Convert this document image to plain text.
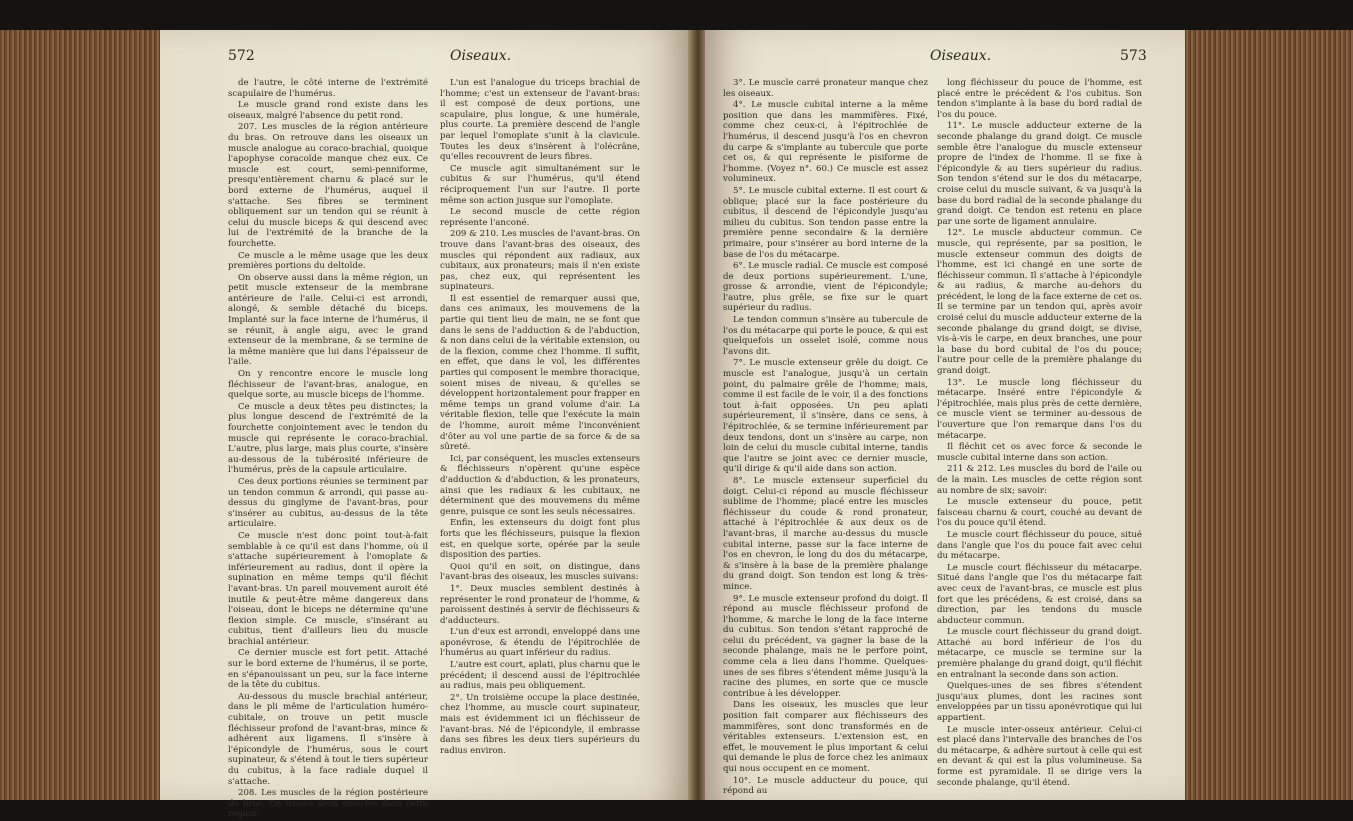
572	Oiseaux.

de l'autre, le côté interne de l'extrémité scapulaire de l'humérus.

Le muscle grand rond existe dans les oiseaux, malgré l'absence du petit rond.

207. Les muscles de la région antérieure du bras. On retrouve dans les oiseaux un muscle analogue au coraco-brachial, quoique l'apophyse coracoïde manque chez eux. Ce muscle est court, semi-penniforme, presqu'entièrement charnu & placé sur le bord externe de l'humérus, auquel il s'attache. Ses fibres se terminent obliquement sur un tendon qui se réunit à celui du muscle biceps & qui descend avec lui de l'extrémité de la branche de la fourchette.

Ce muscle a le même usage que les deux premières portions du deltoïde.

On observe aussi dans la même région, un petit muscle extenseur de la membrane antérieure de l'aile. Celui-ci est arrondi, alongé, & semble détaché du biceps. Implanté sur la face interne de l'humérus, il se réunit, à angle aigu, avec le grand extenseur de la membrane, & se termine de la même manière que lui dans l'épaisseur de l'aile.

On y rencontre encore le muscle long fléchisseur de l'avant-bras, analogue, en quelque sorte, au muscle biceps de l'homme.

Ce muscle a deux têtes peu distinctes; la plus longue descend de l'extrémité de la fourchette conjointement avec le tendon du muscle qui représente le coraco-brachial. L'autre, plus large, mais plus courte, s'insère au-dessous de la tubérosité inférieure de l'humérus, près de la capsule articulaire.

Ces deux portions réunies se terminent par un tendon commun & arrondi, qui passe au-dessus du ginglyme de l'avant-bras, pour s'insérer au cubitus, au-dessus de la tête articulaire.

Ce muscle n'est donc point tout-à-fait semblable à ce qu'il est dans l'homme, où il s'attache supérieurement à l'omoplate & inférieurement au radius, dont il opère la supination en même temps qu'il fléchit l'avant-bras. Un pareil mouvement auroit été inutile & peut-être même dangereux dans l'oiseau, dont le biceps ne détermine qu'une flexion simple. Ce muscle, s'insérant au cubitus, tient d'ailleurs lieu du muscle brachial antérieur.

Ce dernier muscle est fort petit. Attaché sur le bord externe de l'humérus, il se porte, en s'épanouissant un peu, sur la face interne de la tête du cubitus.

Au-dessous du muscle brachial antérieur, dans le pli même de l'articulation huméro-cubitale, on trouve un petit muscle fléchisseur profond de l'avant-bras, mince & adhérent aux ligamens. Il s'insère à l'épicondyle de l'humérus, sous le court supinateur, & s'étend à tout le tiers supérieur du cubitus, à la face radiale duquel il s'attache.

208. Les muscles de la région postérieure du bras. On trouve deux muscles dans cette région.

L'un est l'analogue du triceps brachial de l'homme; c'est un extenseur de l'avant-bras: il est composé de deux portions, une scapulaire, plus longue, & une humérale, plus courte. La première descend de l'angle par lequel l'omoplate s'unit à la clavicule. Toutes les deux s'insèrent à l'olécrâne, qu'elles recouvrent de leurs fibres.

Ce muscle agit simultanément sur le cubitus & sur l'humérus, qu'il étend réciproquement l'un sur l'autre. Il porte même son action jusque sur l'omoplate.

Le second muscle de cette région représente l'anconé.

209 & 210. Les muscles de l'avant-bras. On trouve dans l'avant-bras des oiseaux, des muscles qui répondent aux radiaux, aux cubitaux, aux pronateurs; mais il n'en existe pas, chez eux, qui représentent les supinateurs.

Il est essentiel de remarquer aussi que, dans ces animaux, les mouvemens de la partie qui tient lieu de main, ne se font que dans le sens de l'adduction & de l'abduction, & non dans celui de la véritable extension, ou de la flexion, comme chez l'homme. Il suffit, en effet, que dans le vol, les différentes parties qui composent le membre thoracique, soient mises de niveau, & qu'elles se développent horizontalement pour frapper en même temps un grand volume d'air. La véritable flexion, telle que l'exécute la main de l'homme, auroit même l'inconvénient d'ôter au vol une partie de sa force & de sa sûreté.

Ici, par conséquent, les muscles extenseurs & fléchisseurs n'opèrent qu'une espèce d'adduction & d'abduction, & les pronateurs, ainsi que les radiaux & les cubitaux, ne déterminent que des mouvemens du même genre, puisque ce sont les seuls nécessaires.

Enfin, les extenseurs du doigt font plus forts que les fléchisseurs, puisque la flexion est, en quelque sorte, opérée par la seule disposition des parties.

Quoi qu'il en soit, on distingue, dans l'avant-bras des oiseaux, les muscles suivans:

1°. Deux muscles semblent destinés à représenter le rond pronateur de l'homme, & paroissent destinés à servir de fléchisseurs & d'adducteurs.

L'un d'eux est arrondi, enveloppé dans une aponévrose, & étendu de l'épitrochlée de l'humérus au quart inférieur du radius.

L'autre est court, aplati, plus charnu que le précédent; il descend aussi de l'épitrochlée au radius, mais peu obliquement.

2°. Un troisième occupe la place destinée, chez l'homme, au muscle court supinateur, mais est évidemment ici un fléchisseur de l'avant-bras. Né de l'épicondyle, il embrasse dans ses fibres les deux tiers supérieurs du radius environ.

Oiseaux.	573

3°. Le muscle carré pronateur manque chez les oiseaux.

4°. Le muscle cubital interne a la même position que dans les mammifères. Fixé, comme chez ceux-ci, à l'épitrochlée de l'humérus, il descend jusqu'à l'os en chevron du carpe & s'implante au tubercule que porte cet os, & qui représente le pisiforme de l'homme. (Voyez n°. 60.) Ce muscle est assez volumineux.

5°. Le muscle cubital externe. Il est court & oblique; placé sur la face postérieure du cubitus, il descend de l'épicondyle jusqu'au milieu du cubitus. Son tendon passe entre la première penne secondaire & la dernière primaire, pour s'insérer au bord interne de la base de l'os du métacarpe.

6°. Le muscle radial. Ce muscle est composé de deux portions supérieurement. L'une, grosse & arrondie, vient de l'épicondyle; l'autre, plus grêle, se fixe sur le quart supérieur du radius.

Le tendon commun s'insère au tubercule de l'os du métacarpe qui porte le pouce, & qui est quelquefois un osselet isolé, comme nous l'avons dit.

7°. Le muscle extenseur grêle du doigt. Ce muscle est l'analogue, jusqu'à un certain point, du palmaire grêle de l'homme; mais, comme il est facile de le voir, il a des fonctions tout à-fait opposées. Un peu aplati supérieurement, il s'insère, dans ce sens, à l'épitrochlée, & se termine inférieurement par deux tendons, dont un s'insère au carpe, non loin de celui du muscle cubital interne, tandis que l'autre se joint avec ce dernier muscle, qu'il dirige & qu'il aide dans son action.

8°. Le muscle extenseur superficiel du doigt. Celui-ci répond au muscle fléchisseur sublime de l'homme; placé entre les muscles fléchisseur du coude & rond pronateur, attaché à l'épitrochlée & aux deux os de l'avant-bras, il marche au-dessus du muscle cubital interne, passe sur la face interne de l'os en chevron, le long du dos du métacarpe, & s'insère à la base de la première phalange du grand doigt. Son tendon est long & très-mince.

9°. Le muscle extenseur profond du doigt. Il répond au muscle fléchisseur profond de l'homme, & marche le long de la face interne du cubitus. Son tendon s'étant rapproché de celui du précédent, va gagner la base de la seconde phalange, mais ne le perfore point, comme cela a lieu dans l'homme. Quelques-unes de ses fibres s'étendent même jusqu'à la racine des plumes, en sorte que ce muscle contribue à les développer.

Dans les oiseaux, les muscles que leur position fait comparer aux fléchisseurs des mammifères, sont donc transformés en de véritables extenseurs. L'extension est, en effet, le mouvement le plus important & celui qui demande le plus de force chez les animaux qui nous occupent en ce moment.

10°. Le muscle adducteur du pouce, qui répond au

long fléchisseur du pouce de l'homme, est placé entre le précédent & l'os cubitus. Son tendon s'implante à la base du bord radial de l'os du pouce.

11°. Le muscle adducteur externe de la seconde phalange du grand doigt. Ce muscle semble être l'analogue du muscle extenseur propre de l'index de l'homme. Il se fixe à l'épicondyle & au tiers supérieur du radius. Son tendon s'étend sur le dos du métacarpe, croise celui du muscle suivant, & va jusqu'à la base du bord radial de la seconde phalange du grand doigt. Ce tendon est retenu en place par une sorte de ligament annulaire.

12°. Le muscle abducteur commun. Ce muscle, qui représente, par sa position, le muscle extenseur commun des doigts de l'homme, est ici changé en une sorte de fléchisseur commun. Il s'attache à l'épicondyle & au radius, & marche au-dehors du précédent, le long de la face externe de cet os. Il se termine par un tendon qui, après avoir croisé celui du muscle adducteur externe de la seconde phalange du grand doigt, se divise, vis-à-vis le carpe, en deux branches, une pour la base du bord cubital de l'os du pouce; l'autre pour celle de la première phalange du grand doigt.

13°. Le muscle long fléchisseur du métacarpe. Inséré entre l'épicondyle & l'épitrochlée, mais plus près de cette dernière, ce muscle vient se terminer au-dessous de l'ouverture que l'on remarque dans l'os du métacarpe.

Il fléchit cet os avec force & seconde le muscle cubital interne dans son action.

211 & 212. Les muscles du bord de l'aile ou de la main. Les muscles de cette région sont au nombre de six; savoir:

Le muscle extenseur du pouce, petit faisceau charnu & court, couché au devant de l'os du pouce qu'il étend.

Le muscle court fléchisseur du pouce, situé dans l'angle que l'os du pouce fait avec celui du métacarpe.

Le muscle court fléchisseur du métacarpe. Situé dans l'angle que l'os du métacarpe fait avec ceux de l'avant-bras, ce muscle est plus fort que les précédens, & est croisé, dans sa direction, par les tendons du muscle abducteur commun.

Le muscle court fléchisseur du grand doigt. Attaché au bord inférieur de l'os du métacarpe, ce muscle se termine sur la première phalange du grand doigt, qu'il fléchit en entraînant la seconde dans son action.

Quelques-unes de ses fibres s'étendent jusqu'aux plumes, dont les racines sont enveloppées par un tissu aponévrotique qui lui appartient.

Le muscle inter-osseux antérieur. Celui-ci est placé dans l'intervalle des branches de l'os du métacarpe, & adhère surtout à celle qui est en devant & qui est la plus volumineuse. Sa forme est pyramidale. Il se dirige vers la seconde phalange, qu'il étend.
